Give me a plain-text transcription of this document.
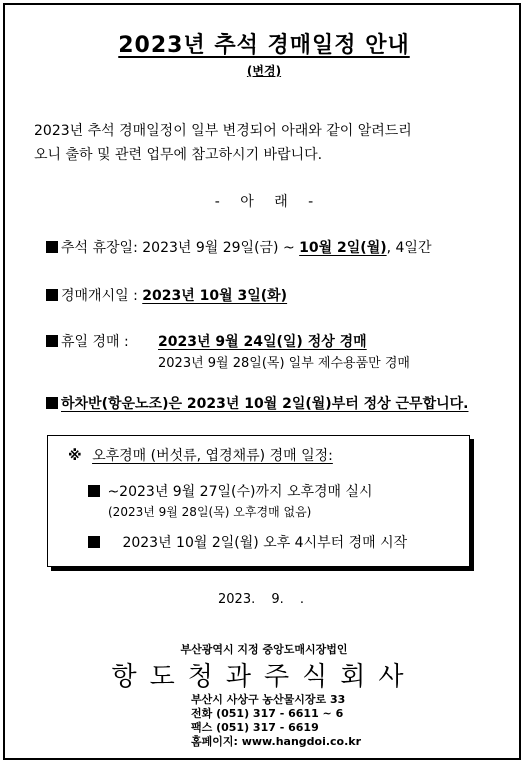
2023년 추석 경매일정 안내
(변경)
2023년 추석 경매일정이 일부 변경되어 아래와 같이 알려드리
오니 출하 및 관련 업무에 참고하시기 바랍니다.
- 아 래 -
추석 휴장일: 2023년 9월 29일(금) ~ 10월 2일(월), 4일간
경매개시일 : 2023년 10월 3일(화)
휴일 경매 : 2023년 9월 24일(일) 정상 경매
2023년 9월 28일(목) 일부 제수용품만 경매
하차반(항운노조)은 2023년 10월 2일(월)부터 정상 근무합니다.
※ 오후경매 (버섯류, 엽경채류) 경매 일정:
~2023년 9월 27일(수)까지 오후경매 실시
(2023년 9월 28일(목) 오후경매 없음)
2023년 10월 2일(월) 오후 4시부터 경매 시작
2023. 9. .
부산광역시 지정 중앙도매시장법인
항도청과주식회사
부산시 사상구 농산물시장로 33
전화 (051) 317 - 6611 ~ 6
팩스 (051) 317 - 6619
홈페이지: www.hangdoi.co.kr
